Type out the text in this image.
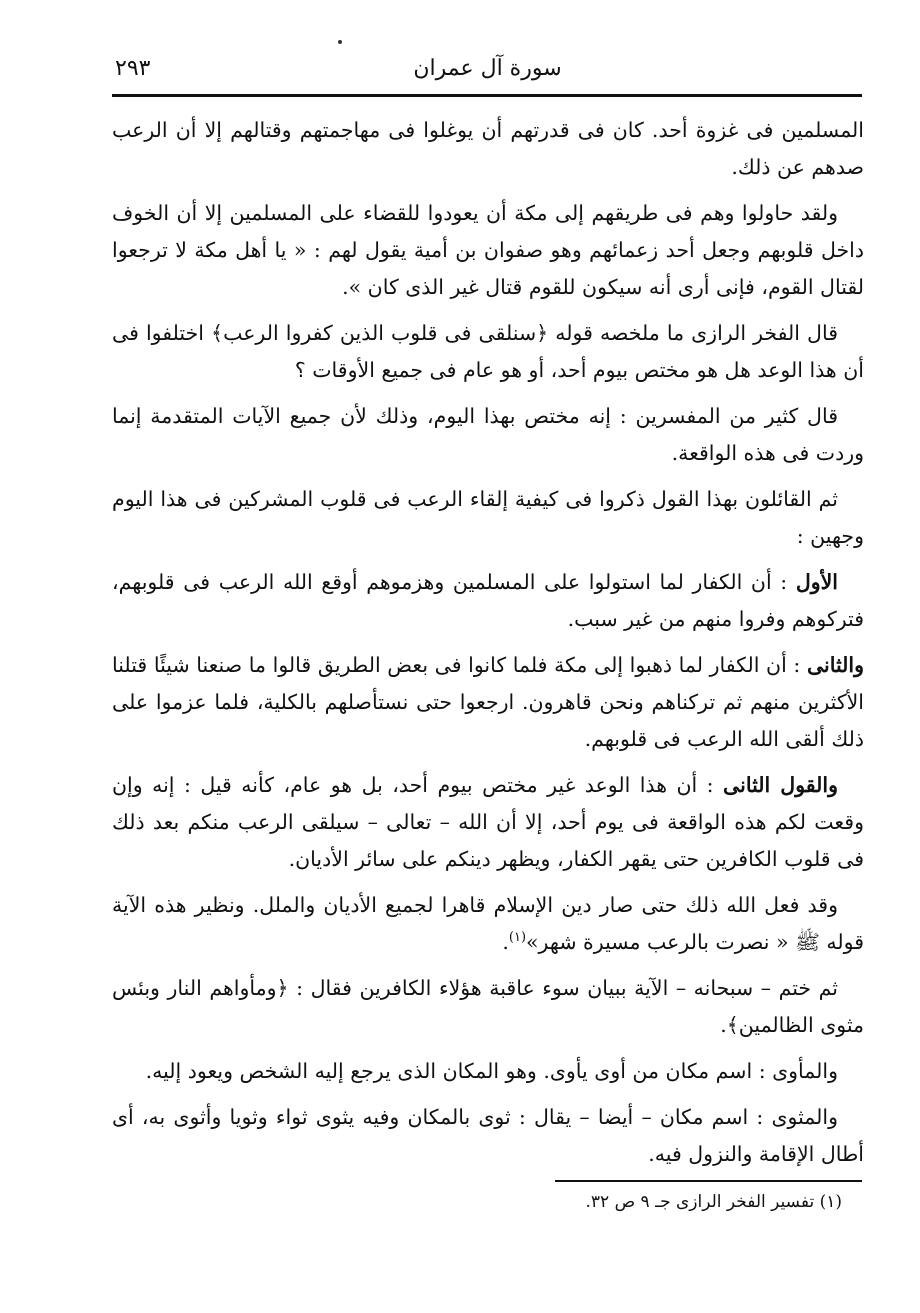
سورة آل عمران
٢٩٣

المسلمين فى غزوة أحد. كان فى قدرتهم أن يوغلوا فى مهاجمتهم وقتالهم إلا أن الرعب صدهم عن ذلك.

ولقد حاولوا وهم فى طريقهم إلى مكة أن يعودوا للقضاء على المسلمين إلا أن الخوف داخل قلوبهم وجعل أحد زعمائهم وهو صفوان بن أمية يقول لهم : « يا أهل مكة لا ترجعوا لقتال القوم، فإنى أرى أنه سيكون للقوم قتال غير الذى كان ».

قال الفخر الرازى ما ملخصه قوله ﴿سنلقى فى قلوب الذين كفروا الرعب﴾ اختلفوا فى أن هذا الوعد هل هو مختص بيوم أحد، أو هو عام فى جميع الأوقات ؟

قال كثير من المفسرين : إنه مختص بهذا اليوم، وذلك لأن جميع الآيات المتقدمة إنما وردت فى هذه الواقعة.

ثم القائلون بهذا القول ذكروا فى كيفية إلقاء الرعب فى قلوب المشركين فى هذا اليوم وجهين :

الأول : أن الكفار لما استولوا على المسلمين وهزموهم أوقع الله الرعب فى قلوبهم، فتركوهم وفروا منهم من غير سبب.

والثانى : أن الكفار لما ذهبوا إلى مكة فلما كانوا فى بعض الطريق قالوا ما صنعنا شيئًا قتلنا الأكثرين منهم ثم تركناهم ونحن قاهرون. ارجعوا حتى نستأصلهم بالكلية، فلما عزموا على ذلك ألقى الله الرعب فى قلوبهم.

والقول الثانى : أن هذا الوعد غير مختص بيوم أحد، بل هو عام، كأنه قيل : إنه وإن وقعت لكم هذه الواقعة فى يوم أحد، إلا أن الله – تعالى – سيلقى الرعب منكم بعد ذلك فى قلوب الكافرين حتى يقهر الكفار، ويظهر دينكم على سائر الأديان.

وقد فعل الله ذلك حتى صار دين الإسلام قاهرا لجميع الأديان والملل. ونظير هذه الآية قوله ﷺ « نصرت بالرعب مسيرة شهر»$^{(١)}$.

ثم ختم – سبحانه – الآية ببيان سوء عاقبة هؤلاء الكافرين فقال : ﴿ومأواهم النار وبئس مثوى الظالمين﴾.

والمأوى : اسم مكان من أوى يأوى. وهو المكان الذى يرجع إليه الشخص ويعود إليه.

والمثوى : اسم مكان – أيضا – يقال : ثوى بالمكان وفيه يثوى ثواء وثويا وأثوى به، أى أطال الإقامة والنزول فيه.

(١) تفسير الفخر الرازى جـ ٩ ص ٣٢.
